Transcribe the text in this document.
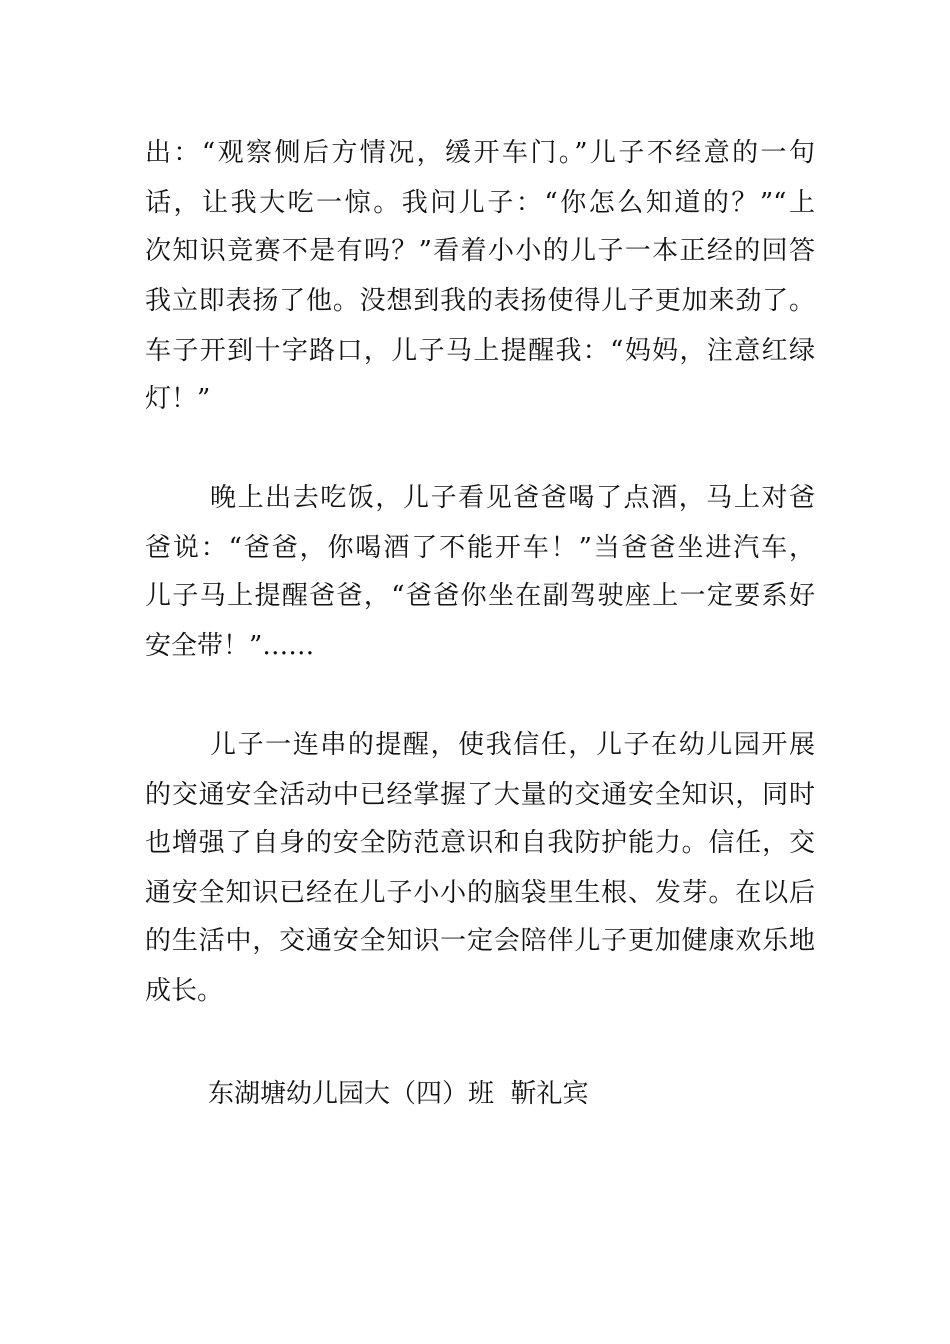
出：“观察侧后方情况，缓开车门。”儿子不经意的一句
话，让我大吃一惊。我问儿子：“你怎么知道的？”“上
次知识竞赛不是有吗？”看着小小的儿子一本正经的回答
我立即表扬了他。没想到我的表扬使得儿子更加来劲了。
车子开到十字路口，儿子马上提醒我：“妈妈，注意红绿
灯！”
晚上出去吃饭，儿子看见爸爸喝了点酒，马上对爸
爸说：“爸爸，你喝酒了不能开车！”当爸爸坐进汽车，
儿子马上提醒爸爸，“爸爸你坐在副驾驶座上一定要系好
安全带！”……
儿子一连串的提醒，使我信任，儿子在幼儿园开展
的交通安全活动中已经掌握了大量的交通安全知识，同时
也增强了自身的安全防范意识和自我防护能力。信任，交
通安全知识已经在儿子小小的脑袋里生根、发芽。在以后
的生活中，交通安全知识一定会陪伴儿子更加健康欢乐地
成长。
东湖塘幼儿园大（四）班  靳礼宾
